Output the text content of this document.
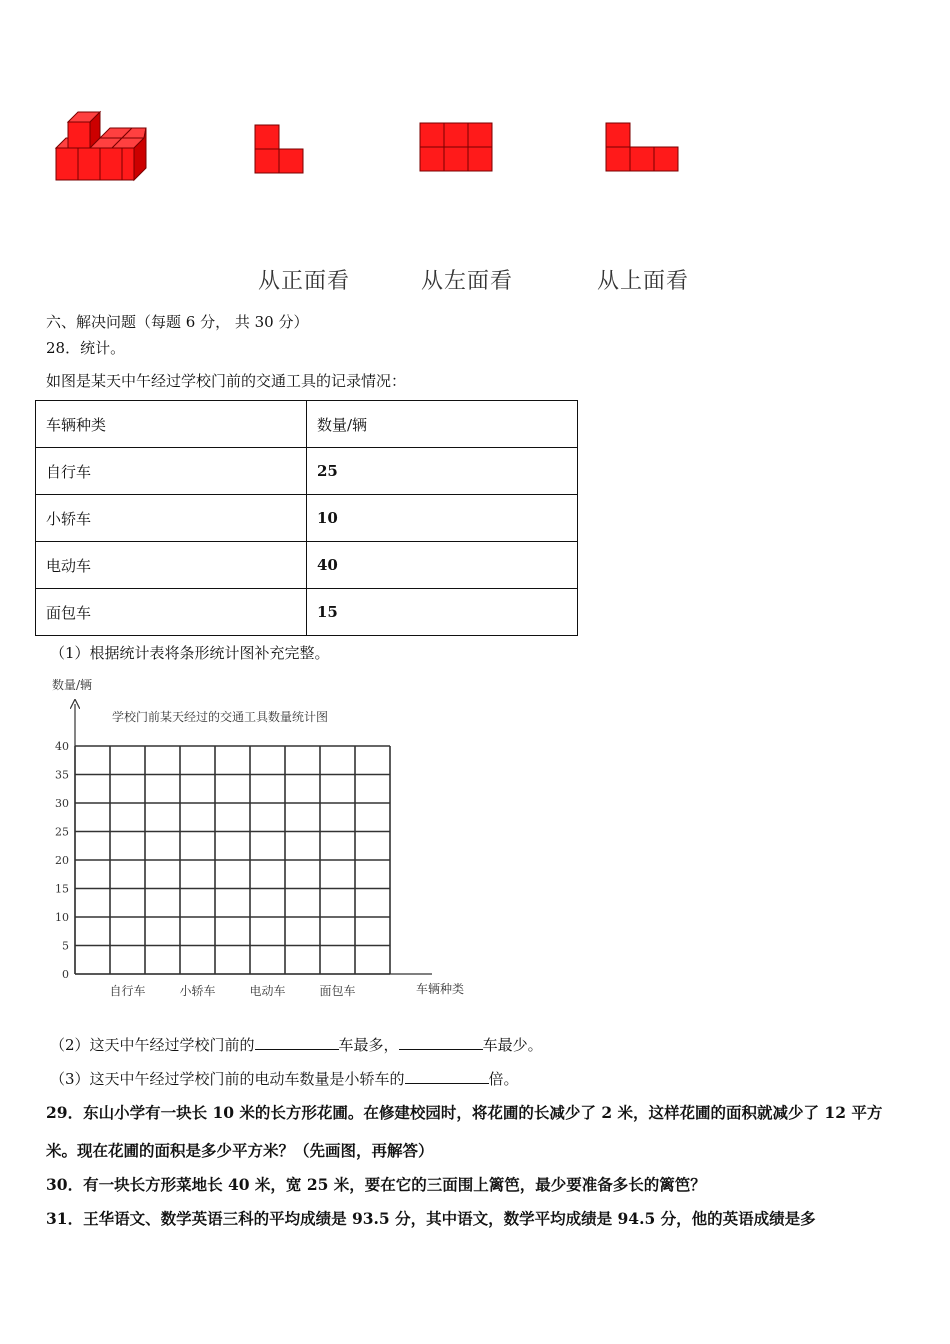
从正面看	从左面看	从上面看
六、解决问题（每题 6 分， 共 30 分）
28．统计。
如图是某天中午经过学校门前的交通工具的记录情况：
车辆种类	数量/辆
自行车	25
小轿车	10
电动车	40
面包车	15
（1）根据统计表将条形统计图补充完整。
数量/辆
学校门前某天经过的交通工具数量统计图
0
5
10
15
20
25
30
35
40
自行车	小轿车	电动车	面包车	车辆种类
（2）这天中午经过学校门前的	车最多，	车最少。
（3）这天中午经过学校门前的电动车数量是小轿车的	倍。
29．东山小学有一块长 10 米的长方形花圃。在修建校园时，将花圃的长减少了 2 米，这样花圃的面积就减少了 12 平方
米。现在花圃的面积是多少平方米？（先画图，再解答）
30．有一块长方形菜地长 40 米，宽 25 米，要在它的三面围上篱笆，最少要准备多长的篱笆？
31．王华语文、数学英语三科的平均成绩是 93.5 分，其中语文，数学平均成绩是 94.5 分，他的英语成绩是多
